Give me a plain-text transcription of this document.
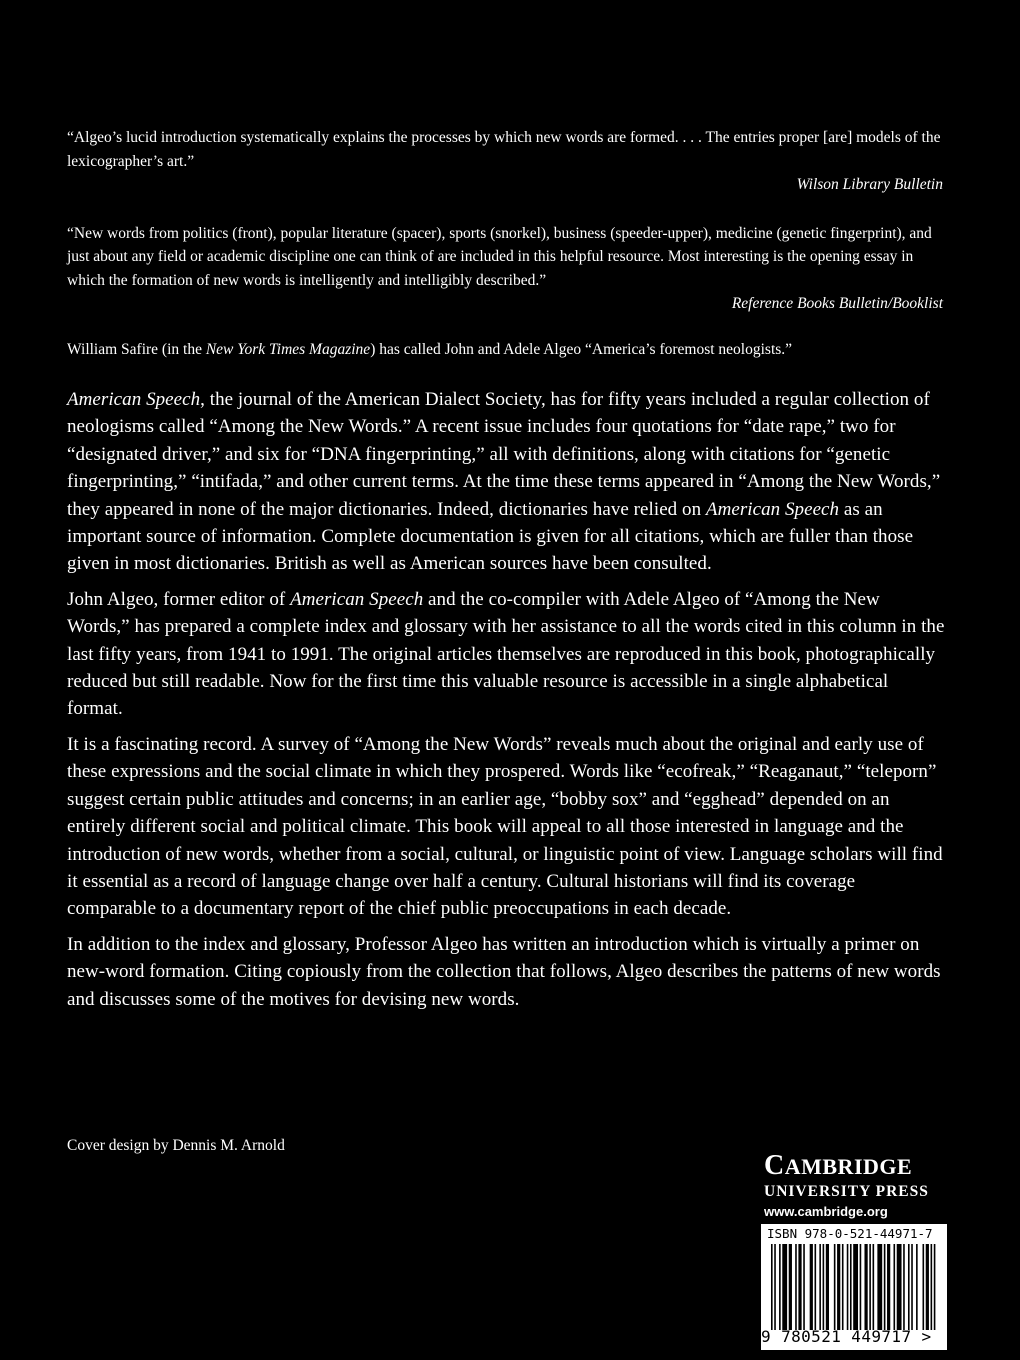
“Algeo’s lucid introduction systematically explains the processes by which new words are formed. . . . The entries proper [are] models of the lexicographer’s art.”

Wilson Library Bulletin

“New words from politics (front), popular literature (spacer), sports (snorkel), business (speeder-upper), medicine (genetic fingerprint), and just about any field or academic discipline one can think of are included in this helpful resource. Most interesting is the opening essay in which the formation of new words is intelligently and intelligibly described.”

Reference Books Bulletin/Booklist

William Safire (in the New York Times Magazine) has called John and Adele Algeo “America’s foremost neologists.”

American Speech, the journal of the American Dialect Society, has for fifty years included a regular collection of neologisms called “Among the New Words.” A recent issue includes four quotations for “date rape,” two for “designated driver,” and six for “DNA fingerprinting,” all with definitions, along with citations for “genetic fingerprinting,” “intifada,” and other current terms. At the time these terms appeared in “Among the New Words,” they appeared in none of the major dictionaries. Indeed, dictionaries have relied on American Speech as an important source of information. Complete documentation is given for all citations, which are fuller than those given in most dictionaries. British as well as American sources have been consulted.

John Algeo, former editor of American Speech and the co-compiler with Adele Algeo of “Among the New Words,” has prepared a complete index and glossary with her assistance to all the words cited in this column in the last fifty years, from 1941 to 1991. The original articles themselves are reproduced in this book, photographically reduced but still readable. Now for the first time this valuable resource is accessible in a single alphabetical format.

It is a fascinating record. A survey of “Among the New Words” reveals much about the original and early use of these expressions and the social climate in which they prospered. Words like “ecofreak,” “Reaganaut,” “teleporn” suggest certain public attitudes and concerns; in an earlier age, “bobby sox” and “egghead” depended on an entirely different social and political climate. This book will appeal to all those interested in language and the introduction of new words, whether from a social, cultural, or linguistic point of view. Language scholars will find it essential as a record of language change over half a century. Cultural historians will find its coverage comparable to a documentary report of the chief public preoccupations in each decade.

In addition to the index and glossary, Professor Algeo has written an introduction which is virtually a primer on new-word formation. Citing copiously from the collection that follows, Algeo describes the patterns of new words and discusses some of the motives for devising new words.

Cover design by Dennis M. Arnold
CAMBRIDGE
UNIVERSITY PRESS
www.cambridge.org
ISBN 978-0-521-44971-7
9 780521 449717 >
